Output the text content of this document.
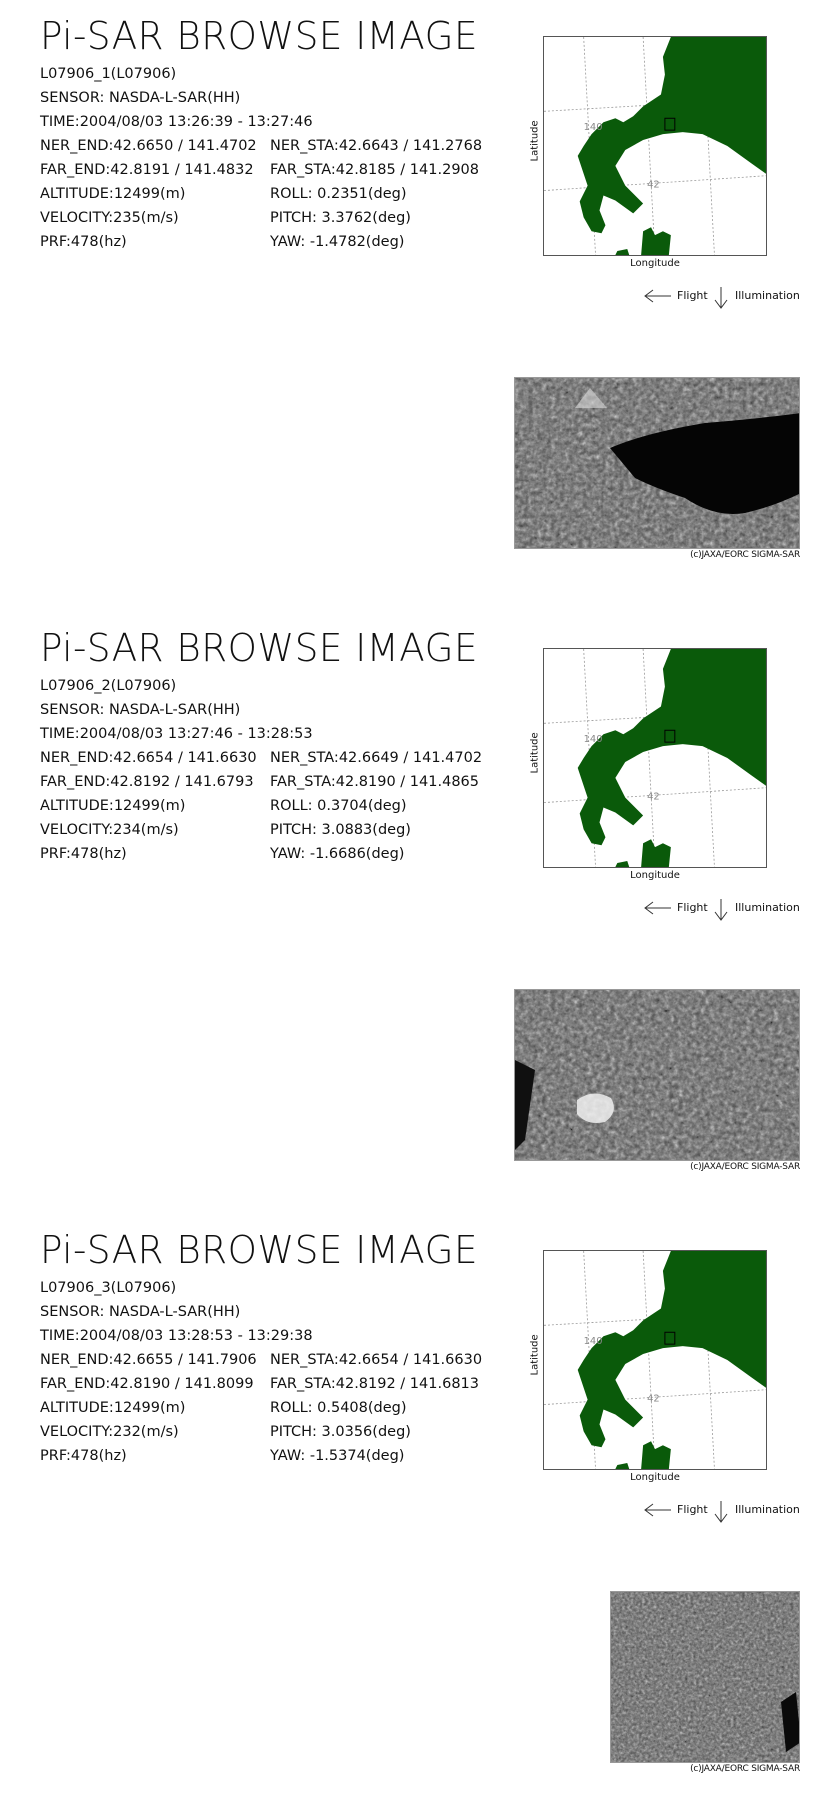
Pi-SAR BROWSE IMAGE
L07906_1(L07906)
SENSOR: NASDA-L-SAR(HH)
TIME:2004/08/03 13:26:39 - 13:27:46
NER_END:42.6650 / 141.4702 NER_STA:42.6643 / 141.2768
FAR_END:42.8191 / 141.4832 FAR_STA:42.8185 / 141.2908
ALTITUDE:12499(m)	ROLL: 0.2351(deg)
VELOCITY:235(m/s)	PITCH: 3.3762(deg)
PRF:478(hz)	YAW: -1.4782(deg)
Latitude	140
42
Longitude
Flight Illumination
(c)JAXA/EORC SIGMA-SAR
Pi-SAR BROWSE IMAGE
L07906_2(L07906)
SENSOR: NASDA-L-SAR(HH)
TIME:2004/08/03 13:27:46 - 13:28:53
NER_END:42.6654 / 141.6630 NER_STA:42.6649 / 141.4702
FAR_END:42.8192 / 141.6793 FAR_STA:42.8190 / 141.4865
ALTITUDE:12499(m)	ROLL: 0.3704(deg)
VELOCITY:234(m/s)	PITCH: 3.0883(deg)
PRF:478(hz)	YAW: -1.6686(deg)
Latitude	140
42
Longitude
Flight Illumination
(c)JAXA/EORC SIGMA-SAR
Pi-SAR BROWSE IMAGE
L07906_3(L07906)
SENSOR: NASDA-L-SAR(HH)
TIME:2004/08/03 13:28:53 - 13:29:38
NER_END:42.6655 / 141.7906 NER_STA:42.6654 / 141.6630
FAR_END:42.8190 / 141.8099 FAR_STA:42.8192 / 141.6813
ALTITUDE:12499(m)	ROLL: 0.5408(deg)
VELOCITY:232(m/s)	PITCH: 3.0356(deg)
PRF:478(hz)	YAW: -1.5374(deg)
Latitude	140
42
Longitude
Flight Illumination
(c)JAXA/EORC SIGMA-SAR
